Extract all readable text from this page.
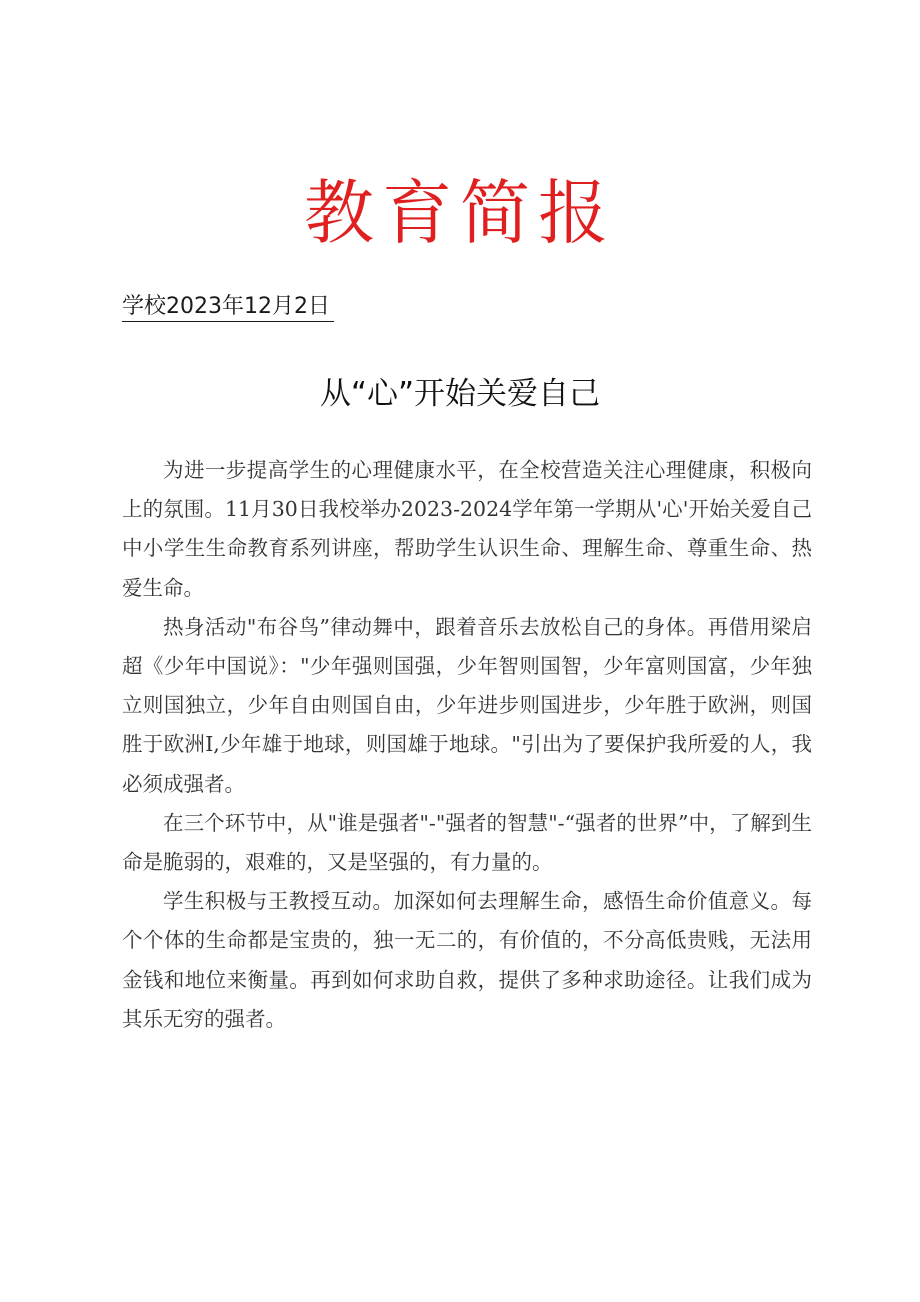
教育简报
学校2023年12月2日
从“心”开始关爱自己

为进一步提高学生的心理健康水平，在全校营造关注心理健康，积极向上的氛围。11月30日我校举办2023-2024学年第一学期从'心'开始关爱自己中小学生生命教育系列讲座，帮助学生认识生命、理解生命、尊重生命、热爱生命。

热身活动"布谷鸟”律动舞中，跟着音乐去放松自己的身体。再借用梁启超《少年中国说》："少年强则国强，少年智则国智，少年富则国富，少年独立则国独立，少年自由则国自由，少年进步则国进步，少年胜于欧洲，则国胜于欧洲I,少年雄于地球，则国雄于地球。"引出为了要保护我所爱的人，我必须成强者。

在三个环节中，从"谁是强者"-"强者的智慧"-“强者的世界”中，了解到生命是脆弱的，艰难的，又是坚强的，有力量的。

学生积极与王教授互动。加深如何去理解生命，感悟生命价值意义。每个个体的生命都是宝贵的，独一无二的，有价值的，不分高低贵贱，无法用金钱和地位来衡量。再到如何求助自救，提供了多种求助途径。让我们成为其乐无穷的强者。
